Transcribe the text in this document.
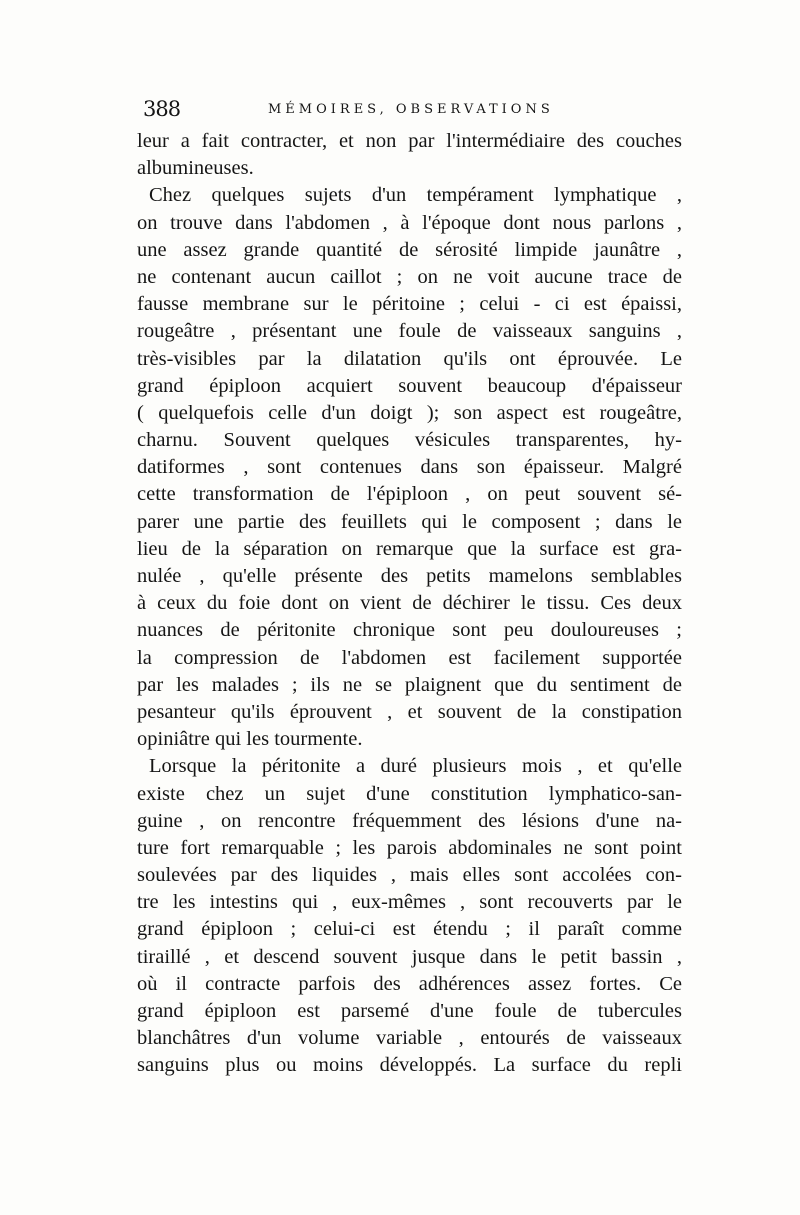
388	MÉMOIRES, OBSERVATIONS
leur a fait contracter, et non par l'intermédiaire des couches
albumineuses.
Chez quelques sujets d'un tempérament lymphatique ,
on trouve dans l'abdomen , à l'époque dont nous parlons ,
une assez grande quantité de sérosité limpide jaunâtre ,
ne contenant aucun caillot ; on ne voit aucune trace de
fausse membrane sur le péritoine ; celui - ci est épaissi,
rougeâtre , présentant une foule de vaisseaux sanguins ,
très-visibles par la dilatation qu'ils ont éprouvée. Le
grand épiploon acquiert souvent beaucoup d'épaisseur
( quelquefois celle d'un doigt ); son aspect est rougeâtre,
charnu. Souvent quelques vésicules transparentes, hy-
datiformes , sont contenues dans son épaisseur. Malgré
cette transformation de l'épiploon , on peut souvent sé-
parer une partie des feuillets qui le composent ; dans le
lieu de la séparation on remarque que la surface est gra-
nulée , qu'elle présente des petits mamelons semblables
à ceux du foie dont on vient de déchirer le tissu. Ces deux
nuances de péritonite chronique sont peu douloureuses ;
la compression de l'abdomen est facilement supportée
par les malades ; ils ne se plaignent que du sentiment de
pesanteur qu'ils éprouvent , et souvent de la constipation
opiniâtre qui les tourmente.
Lorsque la péritonite a duré plusieurs mois , et qu'elle
existe chez un sujet d'une constitution lymphatico-san-
guine , on rencontre fréquemment des lésions d'une na-
ture fort remarquable ; les parois abdominales ne sont point
soulevées par des liquides , mais elles sont accolées con-
tre les intestins qui , eux-mêmes , sont recouverts par le
grand épiploon ; celui-ci est étendu ; il paraît comme
tiraillé , et descend souvent jusque dans le petit bassin ,
où il contracte parfois des adhérences assez fortes. Ce
grand épiploon est parsemé d'une foule de tubercules
blanchâtres d'un volume variable , entourés de vaisseaux
sanguins plus ou moins développés. La surface du repli
